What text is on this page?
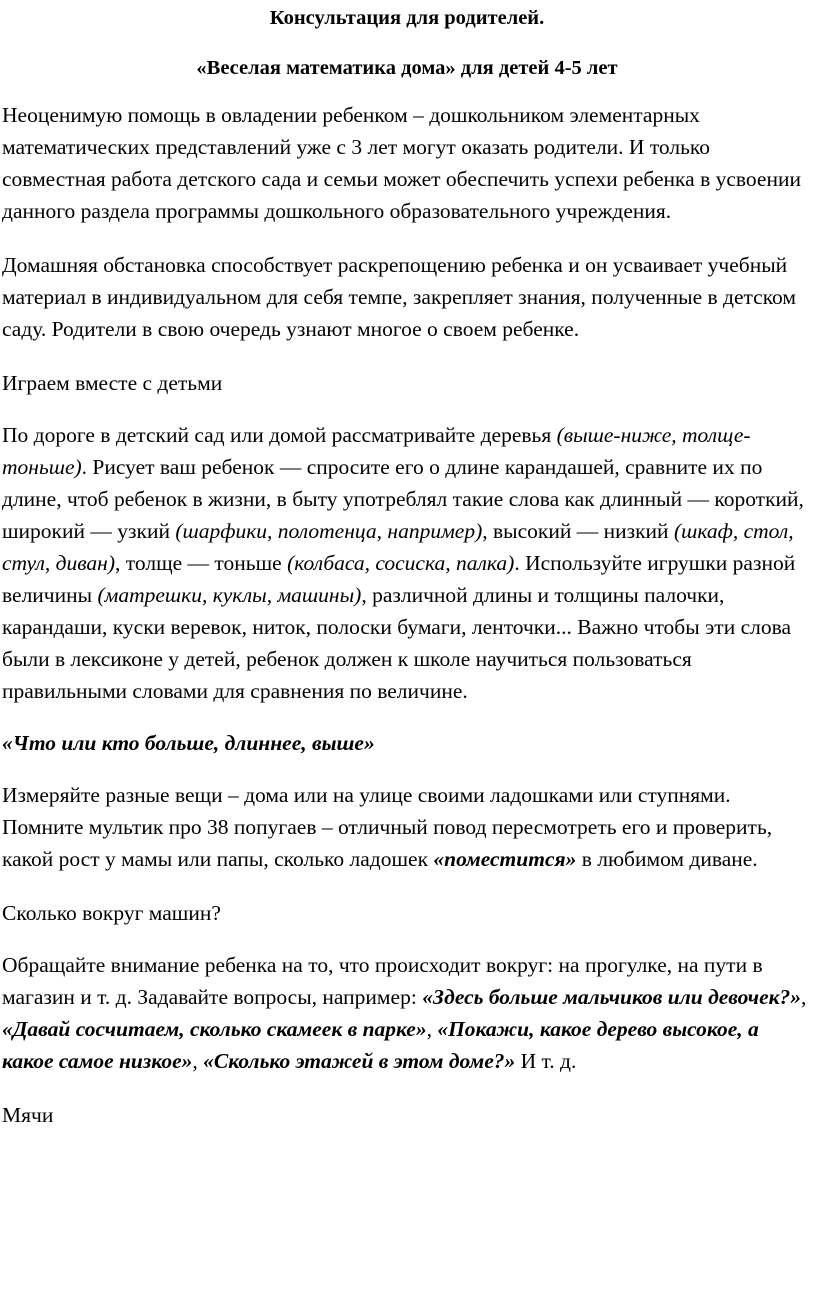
Консультация для родителей.
«Веселая математика дома» для детей 4-5 лет

Неоценимую помощь в овладении ребенком – дошкольником элементарных математических представлений уже с 3 лет могут оказать родители. И только совместная работа детского сада и семьи может обеспечить успехи ребенка в усвоении данного раздела программы дошкольного образовательного учреждения.

Домашняя обстановка способствует раскрепощению ребенка и он усваивает учебный материал в индивидуальном для себя темпе, закрепляет знания, полученные в детском саду. Родители в свою очередь узнают многое о своем ребенке.

Играем вместе с детьми

По дороге в детский сад или домой рассматривайте деревья (выше-ниже, толще-тоньше). Рисует ваш ребенок — спросите его о длине карандашей, сравните их по длине, чтоб ребенок в жизни, в быту употреблял такие слова как длинный — короткий, широкий — узкий (шарфики, полотенца, например), высокий — низкий (шкаф, стол, стул, диван), толще — тоньше (колбаса, сосиска, палка). Используйте игрушки разной величины (матрешки, куклы, машины), различной длины и толщины палочки, карандаши, куски веревок, ниток, полоски бумаги, ленточки... Важно чтобы эти слова были в лексиконе у детей, ребенок должен к школе научиться пользоваться правильными словами для сравнения по величине.

«Что или кто больше, длиннее, выше»

Измеряйте разные вещи – дома или на улице своими ладошками или ступнями. Помните мультик про 38 попугаев – отличный повод пересмотреть его и проверить, какой рост у мамы или папы, сколько ладошек «поместится» в любимом диване.

Сколько вокруг машин?

Обращайте внимание ребенка на то, что происходит вокруг: на прогулке, на пути в магазин и т. д. Задавайте вопросы, например: «Здесь больше мальчиков или девочек?», «Давай сосчитаем, сколько скамеек в парке», «Покажи, какое дерево высокое, а какое самое низкое», «Сколько этажей в этом доме?» И т. д.

Мячи
